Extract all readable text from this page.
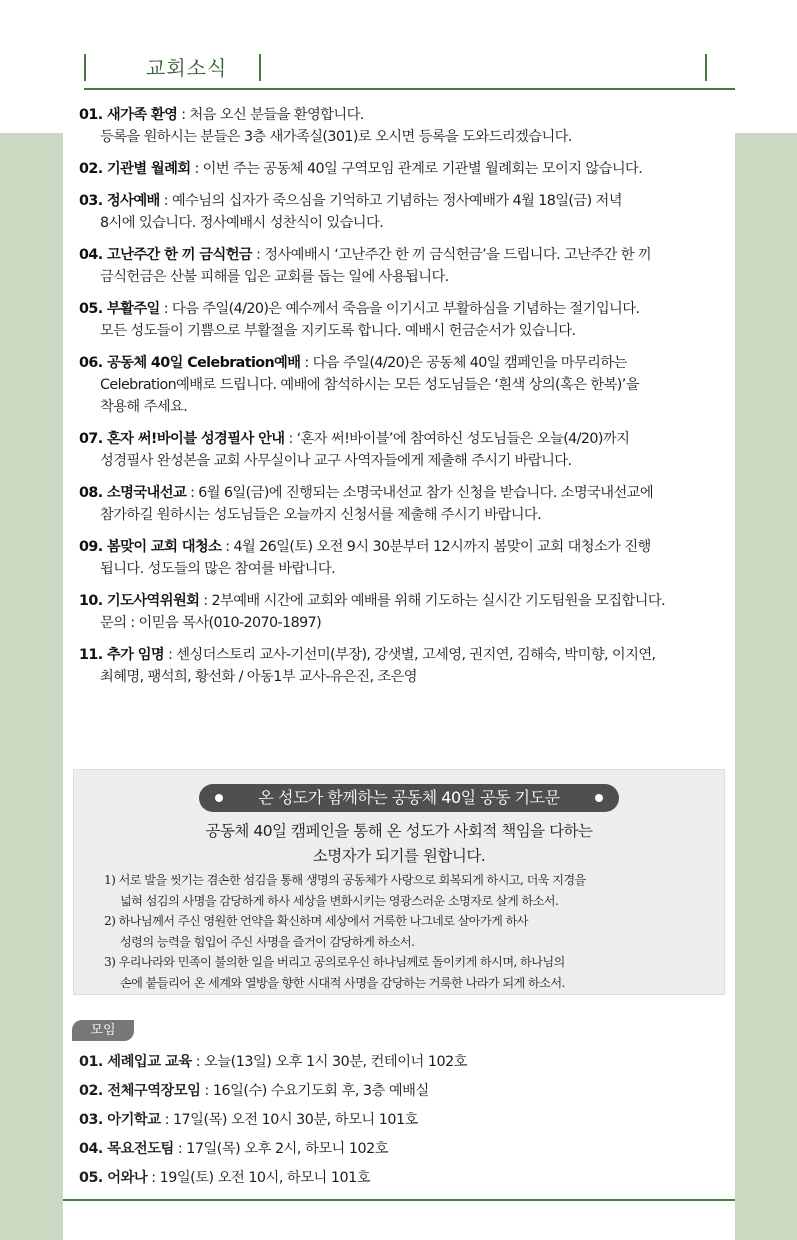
교회소식
01. 새가족 환영 : 처음 오신 분들을 환영합니다.
등록을 원하시는 분들은 3층 새가족실(301)로 오시면 등록을 도와드리겠습니다.
02. 기관별 월례회 : 이번 주는 공동체 40일 구역모임 관계로 기관별 월례회는 모이지 않습니다.
03. 정사예배 : 예수님의 십자가 죽으심을 기억하고 기념하는 정사예배가 4월 18일(금) 저녁
8시에 있습니다. 정사예배시 성찬식이 있습니다.
04. 고난주간 한 끼 금식헌금 : 정사예배시 ‘고난주간 한 끼 금식헌금’을 드립니다. 고난주간 한 끼
금식헌금은 산불 피해를 입은 교회를 돕는 일에 사용됩니다.
05. 부활주일 : 다음 주일(4/20)은 예수께서 죽음을 이기시고 부활하심을 기념하는 절기입니다.
모든 성도들이 기쁨으로 부활절을 지키도록 합니다. 예배시 헌금순서가 있습니다.
06. 공동체 40일 Celebration예배 : 다음 주일(4/20)은 공동체 40일 캠페인을 마무리하는
Celebration예배로 드립니다. 예배에 참석하시는 모든 성도님들은 ‘흰색 상의(혹은 한복)’을
착용해 주세요.
07. 혼자 써!바이블 성경필사 안내 : ‘혼자 써!바이블’에 참여하신 성도님들은 오늘(4/20)까지
성경필사 완성본을 교회 사무실이나 교구 사역자들에게 제출해 주시기 바랍니다.
08. 소명국내선교 : 6월 6일(금)에 진행되는 소명국내선교 참가 신청을 받습니다. 소명국내선교에
참가하길 원하시는 성도님들은 오늘까지 신청서를 제출해 주시기 바랍니다.
09. 봄맞이 교회 대청소 : 4월 26일(토) 오전 9시 30분부터 12시까지 봄맞이 교회 대청소가 진행
됩니다. 성도들의 많은 참여를 바랍니다.
10. 기도사역위원회 : 2부예배 시간에 교회와 예배를 위해 기도하는 실시간 기도팀원을 모집합니다.
문의 : 이믿음 목사(010-2070-1897)
11. 추가 임명 : 센싱더스토리 교사-기선미(부장), 강샛별, 고세영, 권지연, 김해숙, 박미향, 이지연,
최혜명, 팽석희, 황선화 / 아동1부 교사-유은진, 조은영
온 성도가 함께하는 공동체 40일 공동 기도문
공동체 40일 캠페인을 통해 온 성도가 사회적 책임을 다하는
소명자가 되기를 원합니다.

1) 서로 발을 씻기는 겸손한 섬김을 통해 생명의 공동체가 사랑으로 회복되게 하시고, 더욱 지경을
넓혀 섬김의 사명을 감당하게 하사 세상을 변화시키는 영광스러운 소명자로 살게 하소서.

2) 하나님께서 주신 영원한 언약을 확신하며 세상에서 거룩한 나그네로 살아가게 하사
성령의 능력을 힘입어 주신 사명을 즐거이 감당하게 하소서.

3) 우리나라와 민족이 불의한 일을 버리고 공의로우신 하나님께로 돌이키게 하시며, 하나님의
손에 붙들리어 온 세계와 열방을 향한 시대적 사명을 감당하는 거룩한 나라가 되게 하소서.

모임
01. 세례입교 교육 : 오늘(13일) 오후 1시 30분, 컨테이너 102호
02. 전체구역장모임 : 16일(수) 수요기도회 후, 3층 예배실
03. 아기학교 : 17일(목) 오전 10시 30분, 하모니 101호
04. 목요전도팀 : 17일(목) 오후 2시, 하모니 102호
05. 어와나 : 19일(토) 오전 10시, 하모니 101호
